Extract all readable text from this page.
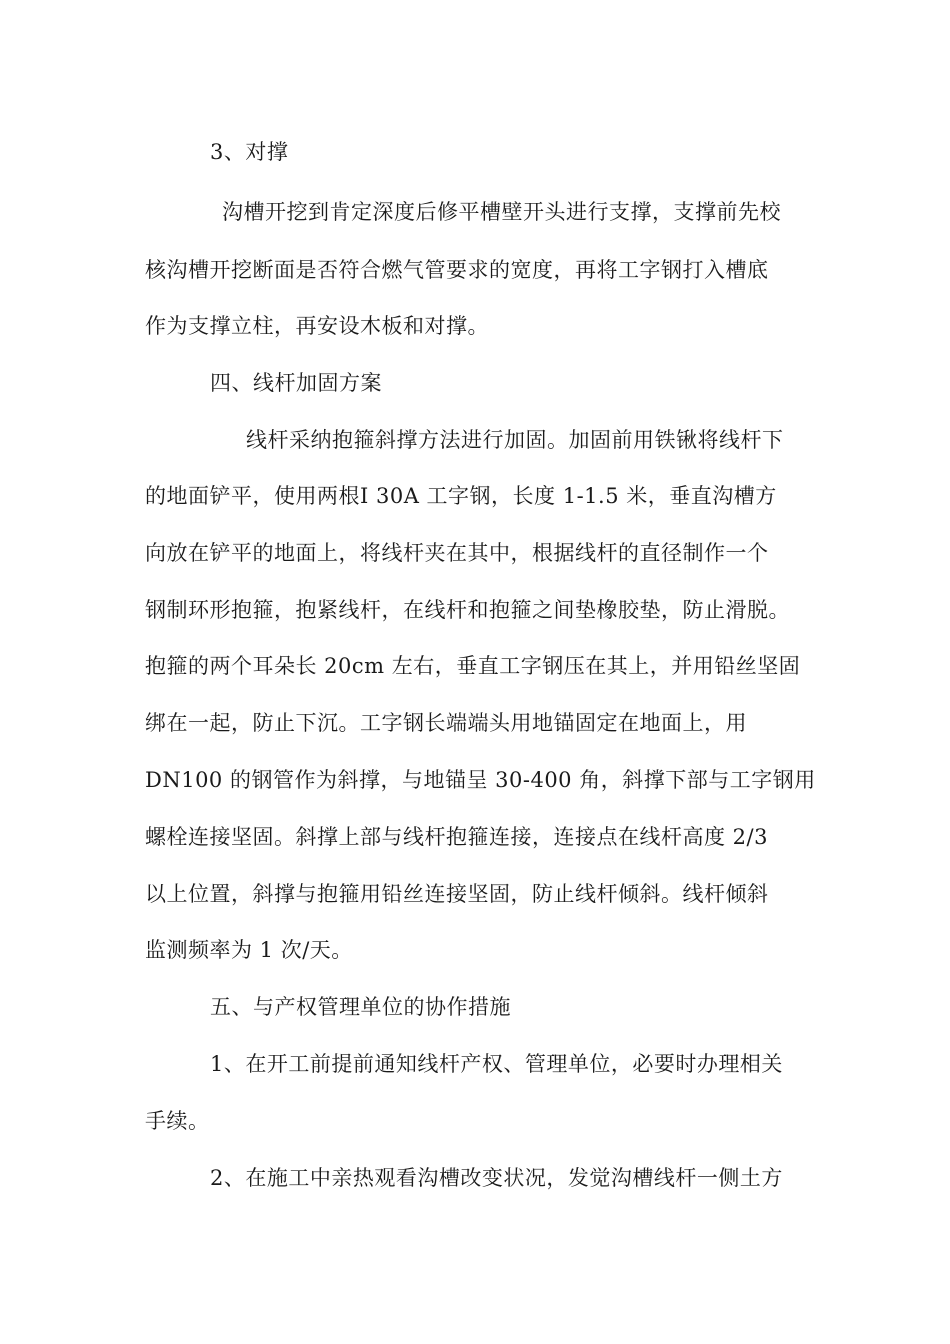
3、对撑
沟槽开挖到肯定深度后修平槽壁开头进行支撑，支撑前先校
核沟槽开挖断面是否符合燃气管要求的宽度，再将工字钢打入槽底
作为支撑立柱，再安设木板和对撑。
四、线杆加固方案
线杆采纳抱箍斜撑方法进行加固。加固前用铁锹将线杆下
的地面铲平，使用两根Ⅰ 30A 工字钢，长度 1-1.5 米，垂直沟槽方
向放在铲平的地面上，将线杆夹在其中，根据线杆的直径制作一个
钢制环形抱箍，抱紧线杆，在线杆和抱箍之间垫橡胶垫，防止滑脱。
抱箍的两个耳朵长 20cm 左右，垂直工字钢压在其上，并用铅丝坚固
绑在一起，防止下沉。工字钢长端端头用地锚固定在地面上，用
DN100 的钢管作为斜撑，与地锚呈 30-400 角，斜撑下部与工字钢用
螺栓连接坚固。斜撑上部与线杆抱箍连接，连接点在线杆高度 2/3
以上位置，斜撑与抱箍用铅丝连接坚固，防止线杆倾斜。线杆倾斜
监测频率为 1 次/天。
五、与产权管理单位的协作措施
1、在开工前提前通知线杆产权、管理单位，必要时办理相关
手续。
2、在施工中亲热观看沟槽改变状况，发觉沟槽线杆一侧土方
